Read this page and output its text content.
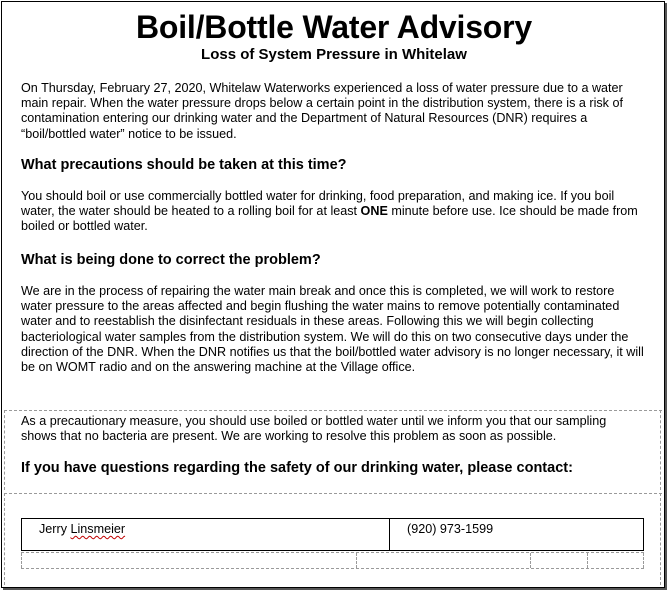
Boil/Bottle Water Advisory
Loss of System Pressure in Whitelaw

On Thursday, February 27, 2020, Whitelaw Waterworks experienced a loss of water pressure due to a water main repair. When the water pressure drops below a certain point in the distribution system, there is a risk of contamination entering our drinking water and the Department of Natural Resources (DNR) requires a “boil/bottled water” notice to be issued.

What precautions should be taken at this time?

You should boil or use commercially bottled water for drinking, food preparation, and making ice. If you boil water, the water should be heated to a rolling boil for at least ONE minute before use. Ice should be made from boiled or bottled water.

What is being done to correct the problem?

We are in the process of repairing the water main break and once this is completed, we will work to restore water pressure to the areas affected and begin flushing the water mains to remove potentially contaminated water and to reestablish the disinfectant residuals in these areas. Following this we will begin collecting bacteriological water samples from the distribution system. We will do this on two consecutive days under the direction of the DNR. When the DNR notifies us that the boil/bottled water advisory is no longer necessary, it will be on WOMT radio and on the answering machine at the Village office.

As a precautionary measure, you should use boiled or bottled water until we inform you that our sampling shows that no bacteria are present. We are working to resolve this problem as soon as possible.

If you have questions regarding the safety of our drinking water, please contact:

Jerry Linsmeier	(920) 973-1599
